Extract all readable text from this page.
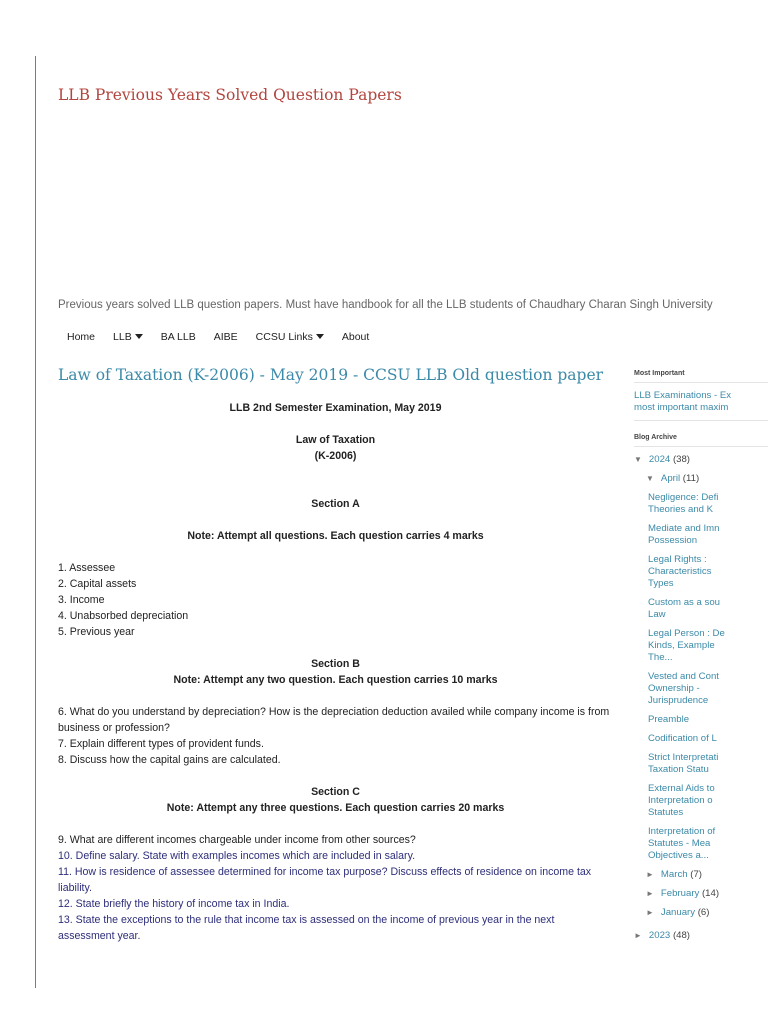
LLB Previous Years Solved Question Papers
Previous years solved LLB question papers. Must have handbook for all the LLB students of Chaudhary Charan Singh University
Home LLB	BA LLB AIBE CCSU Links	About
Law of Taxation (K-2006) - May 2019 - CCSU LLB Old question paper
LLB 2nd Semester Examination, May 2019
Law of Taxation
(K-2006)
Section A
Note: Attempt all questions. Each question carries 4 marks
1. Assessee
2. Capital assets
3. Income
4. Unabsorbed depreciation
5. Previous year
Section B
Note: Attempt any two question. Each question carries 10 marks
6. What do you understand by depreciation? How is the depreciation deduction availed while company income is from business or profession?
7. Explain different types of provident funds.
8. Discuss how the capital gains are calculated.
Section C
Note: Attempt any three questions. Each question carries 20 marks
9. What are different incomes chargeable under income from other sources?
10. Define salary. State with examples incomes which are included in salary.
11. How is residence of assessee determined for income tax purpose? Discuss effects of residence on income tax liability.
12. State briefly the history of income tax in India.
13. State the exceptions to the rule that income tax is assessed on the income of previous year in the next assessment year.
Most Important
LLB Examinations - Ex
most important maxim
Blog Archive
▼ 2024 (38)
▼ April (11)
Negligence: Defi
Theories and K
Mediate and Imn
Possession
Legal Rights :
Characteristics
Types
Custom as a sou
Law
Legal Person : De
Kinds, Example
The...
Vested and Cont
Ownership -
Jurisprudence
Preamble
Codification of L
Strict Interpretati
Taxation Statu
External Aids to
Interpretation o
Statutes
Interpretation of
Statutes - Mea
Objectives a...
► March (7)
► February (14)
► January (6)
► 2023 (48)
